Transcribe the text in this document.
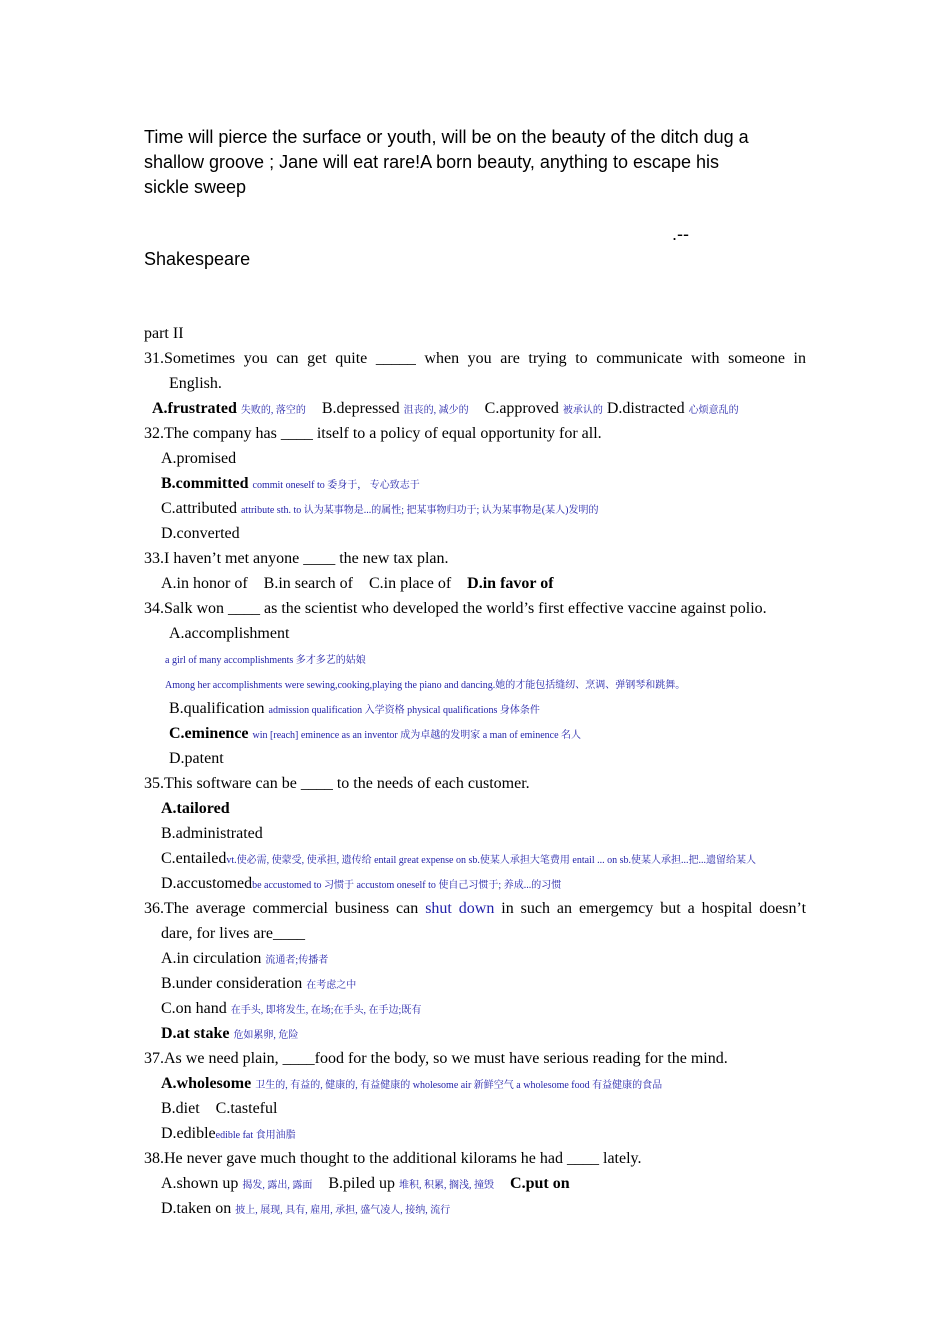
Time will pierce the surface or youth, will be on the beauty of the ditch dug a
shallow groove ; Jane will eat rare!A born beauty, anything to escape his
sickle sweep
.--
Shakespeare
part II
31.Sometimes you can get quite _____ when you are trying to communicate with someone in
English.
A.frustrated 失败的, 落空的 B.depressed 沮丧的, 减少的 C.approved 被承认的 D.distracted 心烦意乱的
32.The company has ____ itself to a policy of equal opportunity for all.
A.promised
B.committed commit oneself to 委身于， 专心致志于
C.attributed attribute sth. to 认为某事物是...的属性; 把某事物归功于; 认为某事物是(某人)发明的
D.converted
33.I haven’t met anyone ____ the new tax plan.
A.in honor of B.in search of C.in place of D.in favor of
34.Salk won ____ as the scientist who developed the world’s first effective vaccine against polio.
A.accomplishment
a girl of many accomplishments 多才多艺的姑娘
Among her accomplishments were sewing,cooking,playing the piano and dancing.她的才能包括缝纫、烹调、弹钢琴和跳舞。
B.qualification admission qualification 入学资格 physical qualifications 身体条件
C.eminence win [reach] eminence as an inventor 成为卓越的发明家 a man of eminence 名人
D.patent
35.This software can be ____ to the needs of each customer.
A.tailored
B.administrated
C.entailedvt.使必需, 使蒙受, 使承担, 遗传给 entail great expense on sb.使某人承担大笔费用 entail ... on sb.使某人承担...把...遗留给某人
D.accustomedbe accustomed to 习惯于 accustom oneself to 使自己习惯于; 养成...的习惯
36.The average commercial business can shut down in such an emergemcy but a hospital doesn’t
dare, for lives are____
A.in circulation 流通者;传播者
B.under consideration 在考虑之中
C.on hand 在手头, 即将发生, 在场;在手头, 在手边;既有
D.at stake 危如累卵, 危险
37.As we need plain, ____food for the body, so we must have serious reading for the mind.
A.wholesome 卫生的, 有益的, 健康的, 有益健康的 wholesome air 新鲜空气 a wholesome food 有益健康的食品
B.diet C.tasteful
D.edibleedible fat 食用油脂
38.He never gave much thought to the additional kilorams he had ____ lately.
A.shown up 揭发, 露出, 露面 B.piled up 堆积, 积累, 搁浅, 撞毁 C.put on
D.taken on 披上, 展现, 具有, 雇用, 承担, 盛气凌人, 接纳, 流行
